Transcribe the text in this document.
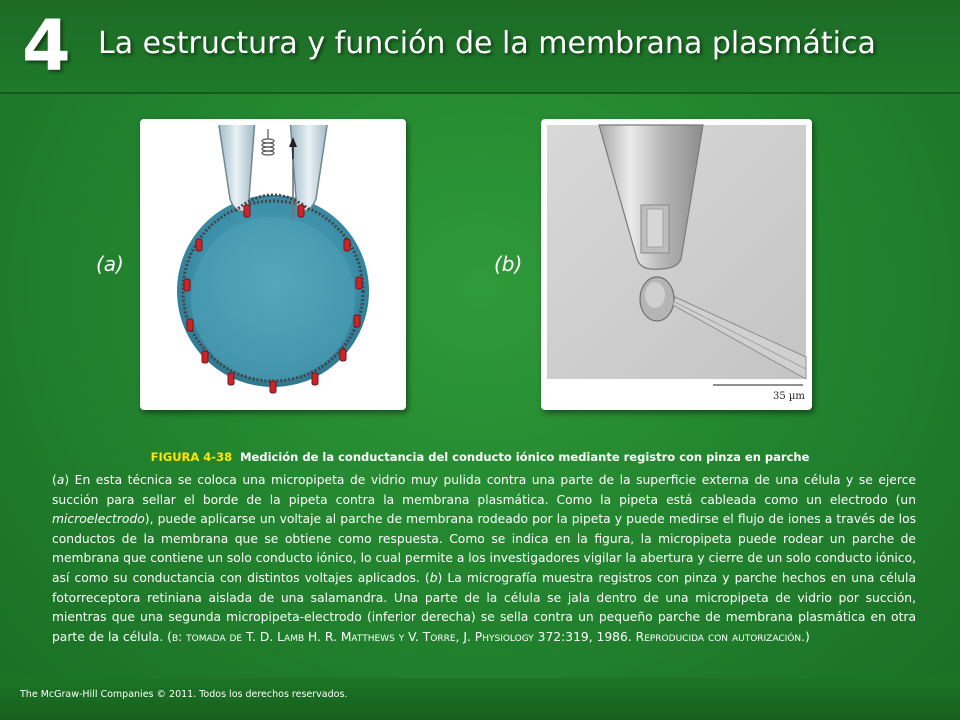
4 La estructura y función de la membrana plasmática
35 µm
(a)	(b)
FIGURA 4-38 Medición de la conductancia del conducto iónico mediante registro con pinza en parche
(a) En esta técnica se coloca una micropipeta de vidrio muy pulida contra una parte de la superficie externa de una célula y se ejerce succión para sellar el borde de la pipeta contra la membrana plasmática. Como la pipeta está cableada como un electrodo (un microelectrodo), puede aplicarse un voltaje al parche de membrana rodeado por la pipeta y puede medirse el flujo de iones a través de los conductos de la membrana que se obtiene como respuesta. Como se indica en la figura, la micropipeta puede rodear un parche de membrana que contiene un solo conducto iónico, lo cual permite a los investigadores vigilar la abertura y cierre de un solo conducto iónico, así como su conductancia con distintos voltajes aplicados. (b) La micrografía muestra registros con pinza y parche hechos en una célula fotorreceptora retiniana aislada de una salamandra. Una parte de la célula se jala dentro de una micropipeta de vidrio por succión, mientras que una segunda micropipeta-electrodo (inferior derecha) se sella contra un pequeño parche de membrana plasmática en otra parte de la célula. (b: tomada de T. D. Lamb H. R. Matthews y V. Torre, J. Physiology 372:319, 1986. Reproducida con autorización.)
The McGraw-Hill Companies © 2011. Todos los derechos reservados.
